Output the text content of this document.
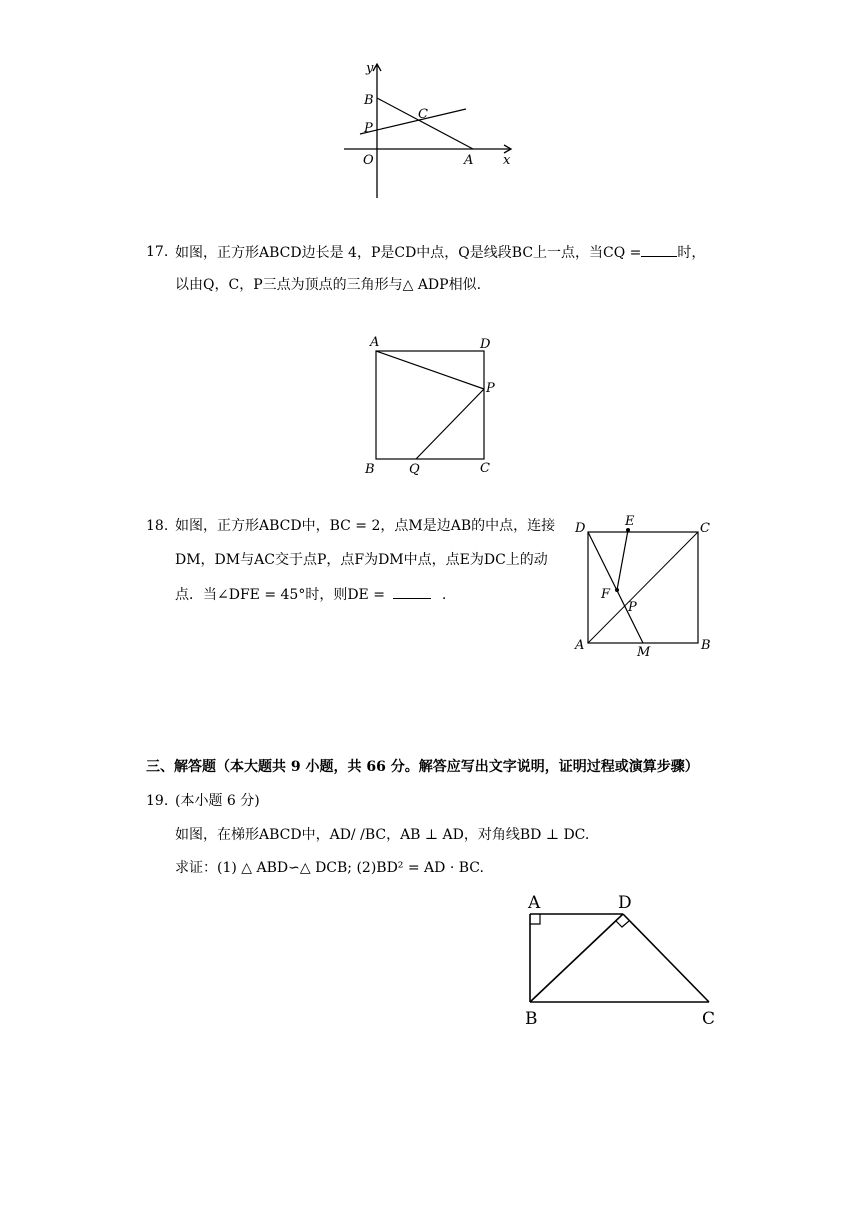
y
x
O
B
P
C
A
17. 如图，正方形ABCD边长是 4，P是CD中点，Q是线段BC上一点，当CQ =	时，
以由Q，C，P三点为顶点的三角形与△ ADP相似.
A	D
P
B	Q	C
18. 如图，正方形ABCD中，BC = 2，点M是边AB的中点，连接
DM，DM与AC交于点P，点F为DM中点，点E为DC上的动
点．当∠DFE = 45°时，则DE =	.
D	E	C
F
P
A	M	B
三、解答题（本大题共 9 小题，共 66 分。解答应写出文字说明，证明过程或演算步骤）
19. (本小题 6 分)
如图，在梯形ABCD中，AD/ /BC，AB ⊥ AD，对角线BD ⊥ DC.
求证：(1) △ ABD∽△ DCB; (2)BD² = AD · BC.
A	D
B	C
